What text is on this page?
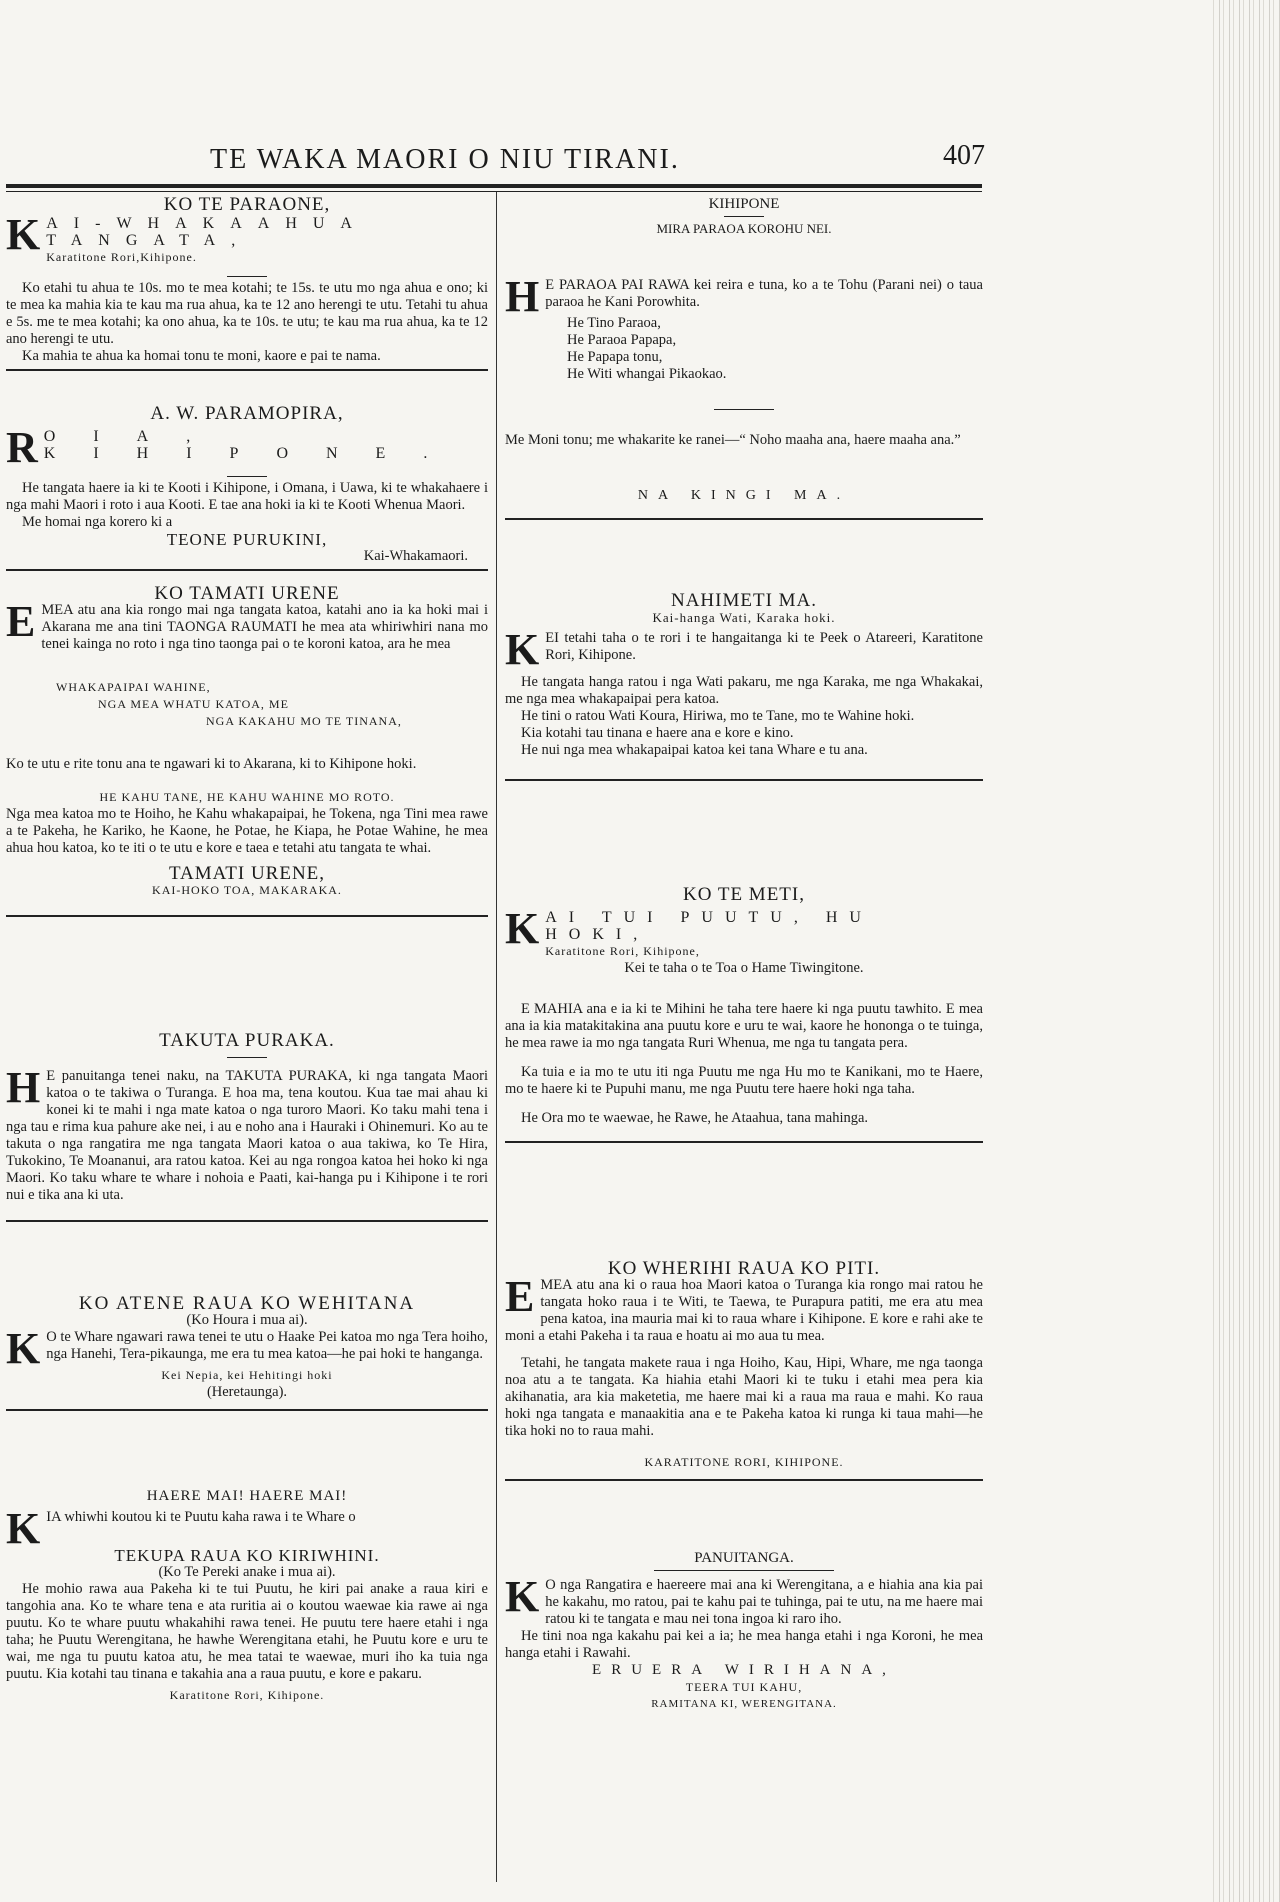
TE WAKA MAORI O NIU TIRANI.	407
KO TE PARAONE,
K AI-WHAKAAHUA TANGATA,
Karatitone Rori,Kihipone.

Ko etahi tu ahua te 10s. mo te mea kotahi; te 15s. te utu mo nga ahua e ono; ki te mea ka mahia kia te kau ma rua ahua, ka te 12 ano herengi te utu. Tetahi tu ahua e 5s. me te mea kotahi; ka ono ahua, ka te 10s. te utu; te kau ma rua ahua, ka te 12 ano herengi te utu.

Ka mahia te ahua ka homai tonu te moni, kaore e pai te nama.

A. W. PARAMOPIRA,
R OIA, KIHIPONE.

He tangata haere ia ki te Kooti i Kihipone, i Omana, i Uawa, ki te whakahaere i nga mahi Maori i roto i aua Kooti. E tae ana hoki ia ki te Kooti Whenua Maori.

Me homai nga korero ki a

TEONE PURUKINI,
Kai-Whakamaori.
KO TAMATI URENE
E MEA atu ana kia rongo mai nga tangata katoa, katahi ano ia ka hoki mai i Akarana me ana tini TAONGA RAUMATI he mea ata whiriwhiri nana mo tenei kainga no roto i nga tino taonga pai o te koroni katoa, ara he mea

WHAKAPAIPAI WAHINE,
NGA MEA WHATU KATOA, ME
NGA KAKAHU MO TE TINANA,

Ko te utu e rite tonu ana te ngawari ki to Akarana, ki to Kihipone hoki.

HE KAHU TANE, HE KAHU WAHINE MO ROTO.

Nga mea katoa mo te Hoiho, he Kahu whakapaipai, he Tokena, nga Tini mea rawe a te Pakeha, he Kariko, he Kaone, he Potae, he Kiapa, he Potae Wahine, he mea ahua hou katoa, ko te iti o te utu e kore e taea e tetahi atu tangata te whai.

TAMATI URENE,
KAI-HOKO TOA, MAKARAKA.
TAKUTA PURAKA.
H E panuitanga tenei naku, na TAKUTA PURAKA, ki nga tangata Maori katoa o te takiwa o Turanga. E hoa ma, tena koutou. Kua tae mai ahau ki konei ki te mahi i nga mate katoa o nga turoro Maori. Ko taku mahi tena i nga tau e rima kua pahure ake nei, i au e noho ana i Hauraki i Ohinemuri. Ko au te takuta o nga rangatira me nga tangata Maori katoa o aua takiwa, ko Te Hira, Tukokino, Te Moananui, ara ratou katoa. Kei au nga rongoa katoa hei hoko ki nga Maori. Ko taku whare te whare i nohoia e Paati, kai-hanga pu i Kihipone i te rori nui e tika ana ki uta.

KO ATENE RAUA KO WEHITANA
(Ko Houra i mua ai).
K O te Whare ngawari rawa tenei te utu o Haake Pei katoa mo nga Tera hoiho, nga Hanehi, Tera-pikaunga, me era tu mea katoa—he pai hoki te hanganga.

Kei Nepia, kei Hehitingi hoki
(Heretaunga).
HAERE MAI! HAERE MAI!
K IA whiwhi koutou ki te Puutu kaha rawa i te Whare o

TEKUPA RAUA KO KIRIWHINI.
(Ko Te Pereki anake i mua ai).

He mohio rawa aua Pakeha ki te tui Puutu, he kiri pai anake a raua kiri e tangohia ana. Ko te whare tena e ata ruritia ai o koutou waewae kia rawe ai nga puutu. Ko te whare puutu whakahihi rawa tenei. He puutu tere haere etahi i nga taha; he Puutu Werengitana, he hawhe Werengitana etahi, he Puutu kore e uru te wai, me nga tu puutu katoa atu, he mea tatai te waewae, muri iho ka tuia nga puutu. Kia kotahi tau tinana e takahia ana a raua puutu, e kore e pakaru.

Karatitone Rori, Kihipone.
KIHIPONE
MIRA PARAOA KOROHU NEI.
H E PARAOA PAI RAWA kei reira e tuna, ko a te Tohu (Parani nei) o taua paraoa he Kani Porowhita.

He Tino Paraoa,
He Paraoa Papapa,
He Papapa tonu,
He Witi whangai Pikaokao.

Me Moni tonu; me whakarite ke ranei—“ Noho maaha ana, haere maaha ana.”

NA KINGI MA.
NAHIMETI MA.
Kai-hanga Wati, Karaka hoki.
K EI tetahi taha o te rori i te hangaitanga ki te Peek o Atareeri, Karatitone Rori, Kihipone.

He tangata hanga ratou i nga Wati pakaru, me nga Karaka, me nga Whakakai, me nga mea whakapaipai pera katoa.

He tini o ratou Wati Koura, Hiriwa, mo te Tane, mo te Wahine hoki.

Kia kotahi tau tinana e haere ana e kore e kino.

He nui nga mea whakapaipai katoa kei tana Whare e tu ana.

KO TE METI,
K AI TUI PUUTU, HU HOKI,
Karatitone Rori, Kihipone,
Kei te taha o te Toa o Hame Tiwingitone.

E MAHIA ana e ia ki te Mihini he taha tere haere ki nga puutu tawhito. E mea ana ia kia matakitakina ana puutu kore e uru te wai, kaore he hononga o te tuinga, he mea rawe ia mo nga tangata Ruri Whenua, me nga tu tangata pera.

Ka tuia e ia mo te utu iti nga Puutu me nga Hu mo te Kanikani, mo te Haere, mo te haere ki te Pupuhi manu, me nga Puutu tere haere hoki nga taha.

He Ora mo te waewae, he Rawe, he Ataahua, tana mahinga.

KO WHERIHI RAUA KO PITI.
E MEA atu ana ki o raua hoa Maori katoa o Turanga kia rongo mai ratou he tangata hoko raua i te Witi, te Taewa, te Purapura patiti, me era atu mea pena katoa, ina mauria mai ki to raua whare i Kihipone. E kore e rahi ake te moni a etahi Pakeha i ta raua e hoatu ai mo aua tu mea.

Tetahi, he tangata makete raua i nga Hoiho, Kau, Hipi, Whare, me nga taonga noa atu a te tangata. Ka hiahia etahi Maori ki te tuku i etahi mea pera kia akihanatia, ara kia maketetia, me haere mai ki a raua ma raua e mahi. Ko raua hoki nga tangata e manaakitia ana e te Pakeha katoa ki runga ki taua mahi—he tika hoki no to raua mahi.

KARATITONE RORI, KIHIPONE.
PANUITANGA.
K O nga Rangatira e haereere mai ana ki Werengitana, a e hiahia ana kia pai he kakahu, mo ratou, pai te kahu pai te tuhinga, pai te utu, na me haere mai ratou ki te tangata e mau nei tona ingoa ki raro iho.

He tini noa nga kakahu pai kei a ia; he mea hanga etahi i nga Koroni, he mea hanga etahi i Rawahi.

ERUERA WIRIHANA,
TEERA TUI KAHU,
RAMITANA KI, WERENGITANA.
